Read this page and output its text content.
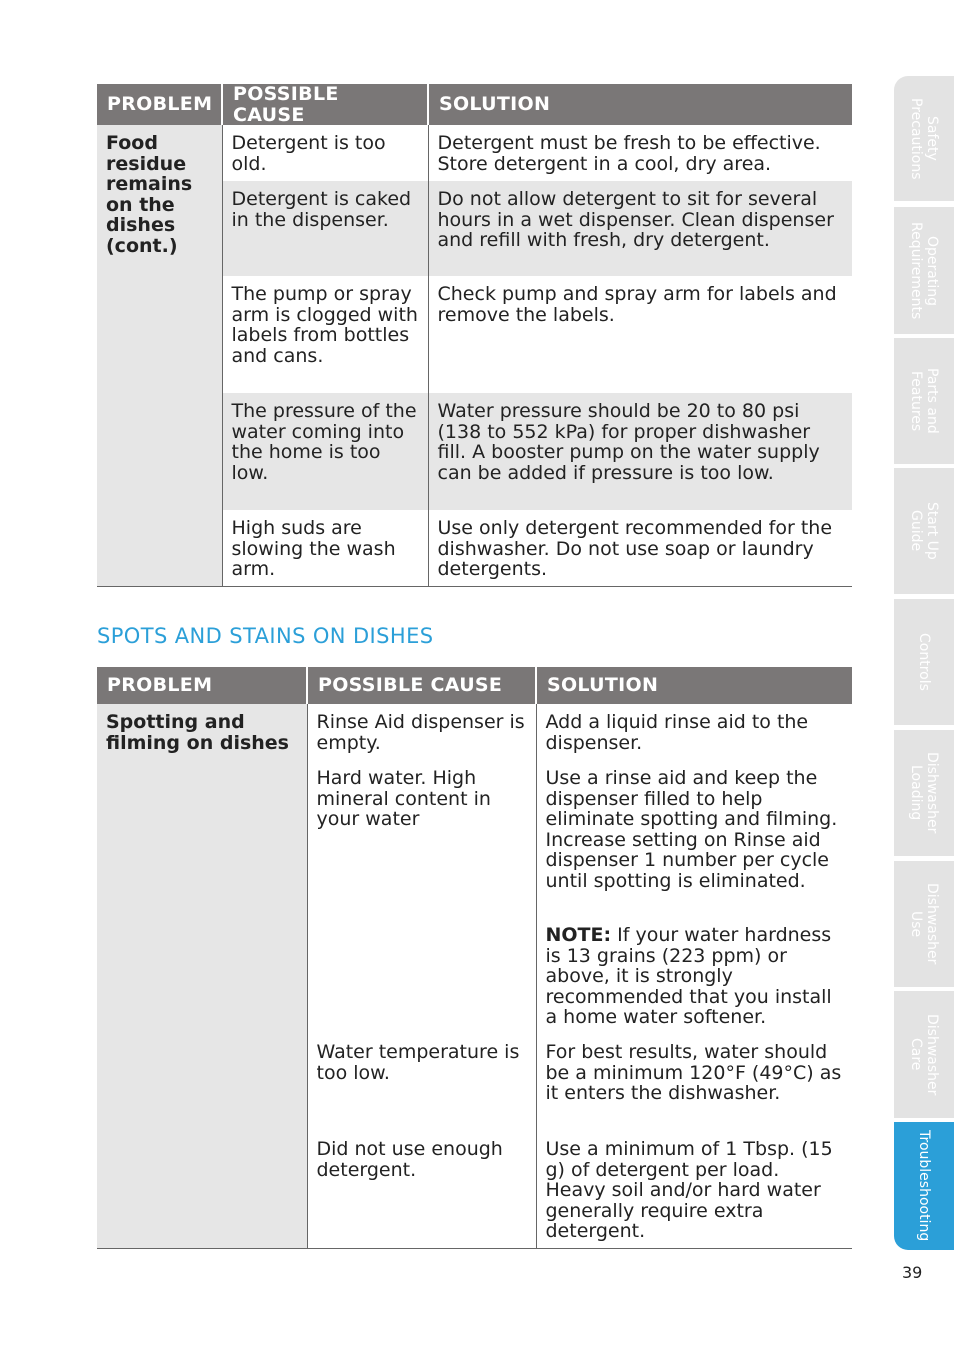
PROBLEM	POSSIBLE CAUSE	SOLUTION
Food residue remains on the dishes (cont.)	Detergent is too old.	Detergent must be fresh to be effective. Store detergent in a cool, dry area.
	Detergent is caked in the dispenser.	Do not allow detergent to sit for several hours in a wet dispenser. Clean dispenser and refill with fresh, dry detergent.
	The pump or spray arm is clogged with labels from bottles and cans.	Check pump and spray arm for labels and remove the labels.
	The pressure of the water coming into the home is too low.	Water pressure should be 20 to 80 psi (138 to 552 kPa) for proper dishwasher fill. A booster pump on the water supply can be added if pressure is too low.
	High suds are slowing the wash arm.	Use only detergent recommended for the dishwasher. Do not use soap or laundry detergents.
SPOTS AND STAINS ON DISHES
PROBLEM	POSSIBLE CAUSE	SOLUTION
Spotting and filming on dishes	Rinse Aid dispenser is empty.	Add a liquid rinse aid to the dispenser.
	Hard water. High mineral content in your water	Use a rinse aid and keep the dispenser filled to help eliminate spotting and filming. Increase setting on Rinse aid dispenser 1 number per cycle until spotting is eliminated.
		NOTE: If your water hardness is 13 grains (223 ppm) or above, it is strongly recommended that you install a home water softener.
	Water temperature is too low.	For best results, water should be a minimum 120°F (49°C) as it enters the dishwasher.
	Did not use enough detergent.	Use a minimum of 1 Tbsp. (15 g) of detergent per load. Heavy soil and/or hard water generally require extra detergent.
Safety
Precautions
Operating
Requirements
Parts and
Features
Start Up
Guide
Controls
Dishwasher
Loading
Dishwasher
Use
Dishwasher
Care
Troubleshooting
39
